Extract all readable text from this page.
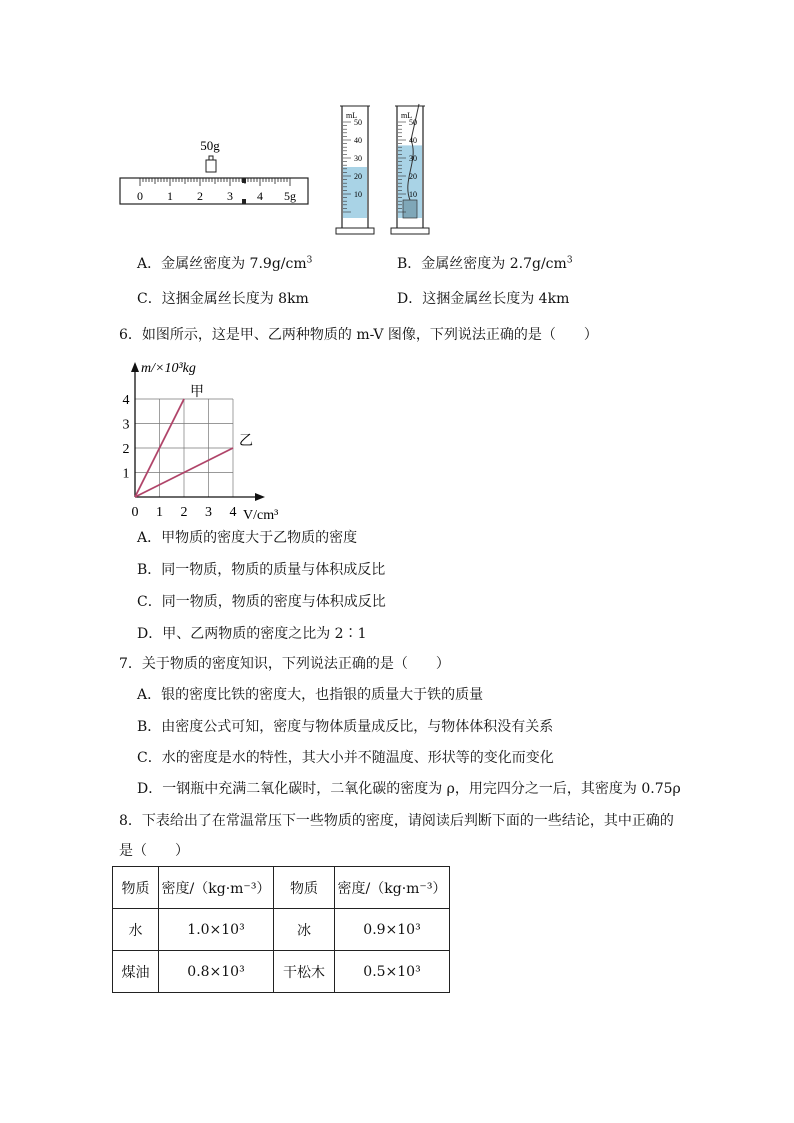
50g
0 1 2 3 4 5g
mL
50
40
30
20
10
mL
50
40
30
20
10
A．金属丝密度为 $7.9g/cm^3$	B．金属丝密度为 $2.7g/cm^3$
C．这捆金属丝长度为 8km	D．这捆金属丝长度为 4km
6．如图所示，这是甲、乙两种物质的 m-V 图像，下列说法正确的是（　　）
m/×10³kg
V/cm³
0 1 2 3 4
1
2
3
4
甲
乙
A．甲物质的密度大于乙物质的密度
B．同一物质，物质的质量与体积成反比
C．同一物质，物质的密度与体积成反比
D．甲、乙两物质的密度之比为 2∶1
7．关于物质的密度知识，下列说法正确的是（　　）
A．银的密度比铁的密度大，也指银的质量大于铁的质量
B．由密度公式可知，密度与物体质量成反比，与物体体积没有关系
C．水的密度是水的特性，其大小并不随温度、形状等的变化而变化
D．一钢瓶中充满二氧化碳时，二氧化碳的密度为 ρ，用完四分之一后，其密度为 0.75ρ
8．下表给出了在常温常压下一些物质的密度，请阅读后判断下面的一些结论，其中正确的
是（　　）
物质	密度/（kg·m⁻³）	物质	密度/（kg·m⁻³）
水	1.0×10³	冰	0.9×10³
煤油	0.8×10³	干松木	0.5×10³
